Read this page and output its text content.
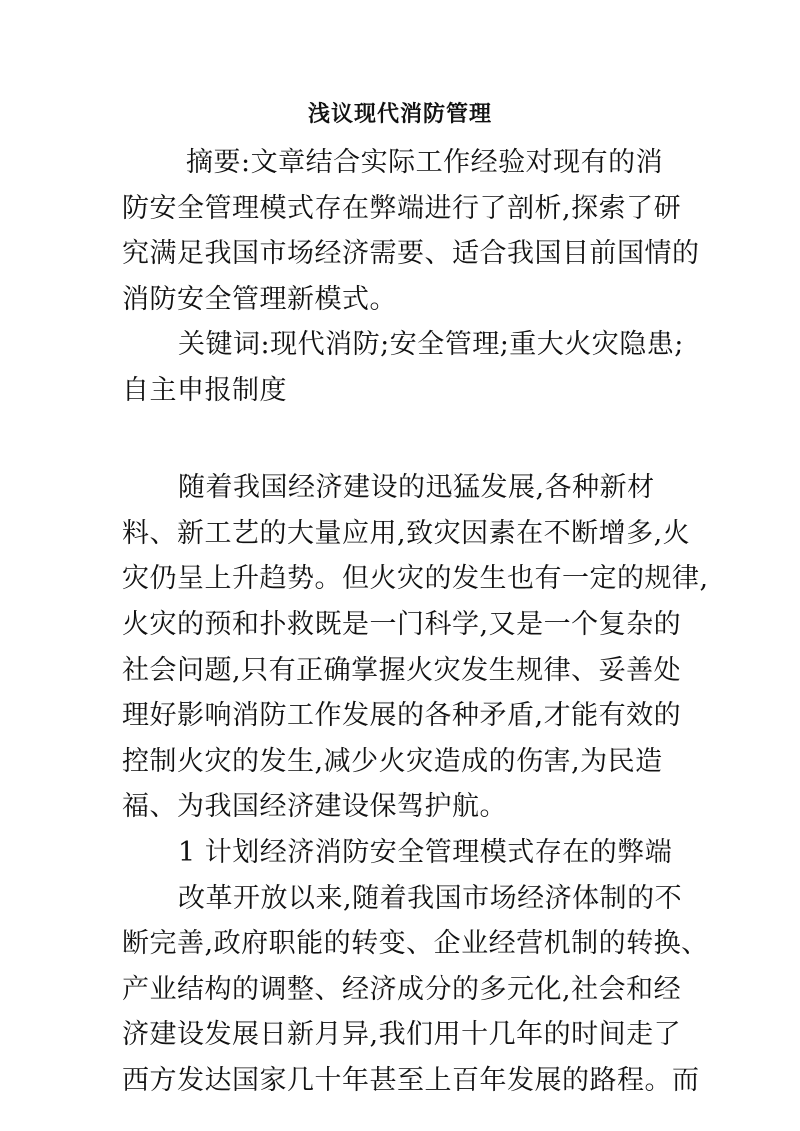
浅议现代消防管理
摘要:文章结合实际工作经验对现有的消
防安全管理模式存在弊端进行了剖析,探索了研
究满足我国市场经济需要、适合我国目前国情的
消防安全管理新模式。
关键词:现代消防;安全管理;重大火灾隐患;
自主申报制度
随着我国经济建设的迅猛发展,各种新材
料、新工艺的大量应用,致灾因素在不断增多,火
灾仍呈上升趋势。但火灾的发生也有一定的规律,
火灾的预和扑救既是一门科学,又是一个复杂的
社会问题,只有正确掌握火灾发生规律、妥善处
理好影响消防工作发展的各种矛盾,才能有效的
控制火灾的发生,减少火灾造成的伤害,为民造
福、为我国经济建设保驾护航。
1 计划经济消防安全管理模式存在的弊端
改革开放以来,随着我国市场经济体制的不
断完善,政府职能的转变、企业经营机制的转换、
产业结构的调整、经济成分的多元化,社会和经
济建设发展日新月异,我们用十几年的时间走了
西方发达国家几十年甚至上百年发展的路程。而
